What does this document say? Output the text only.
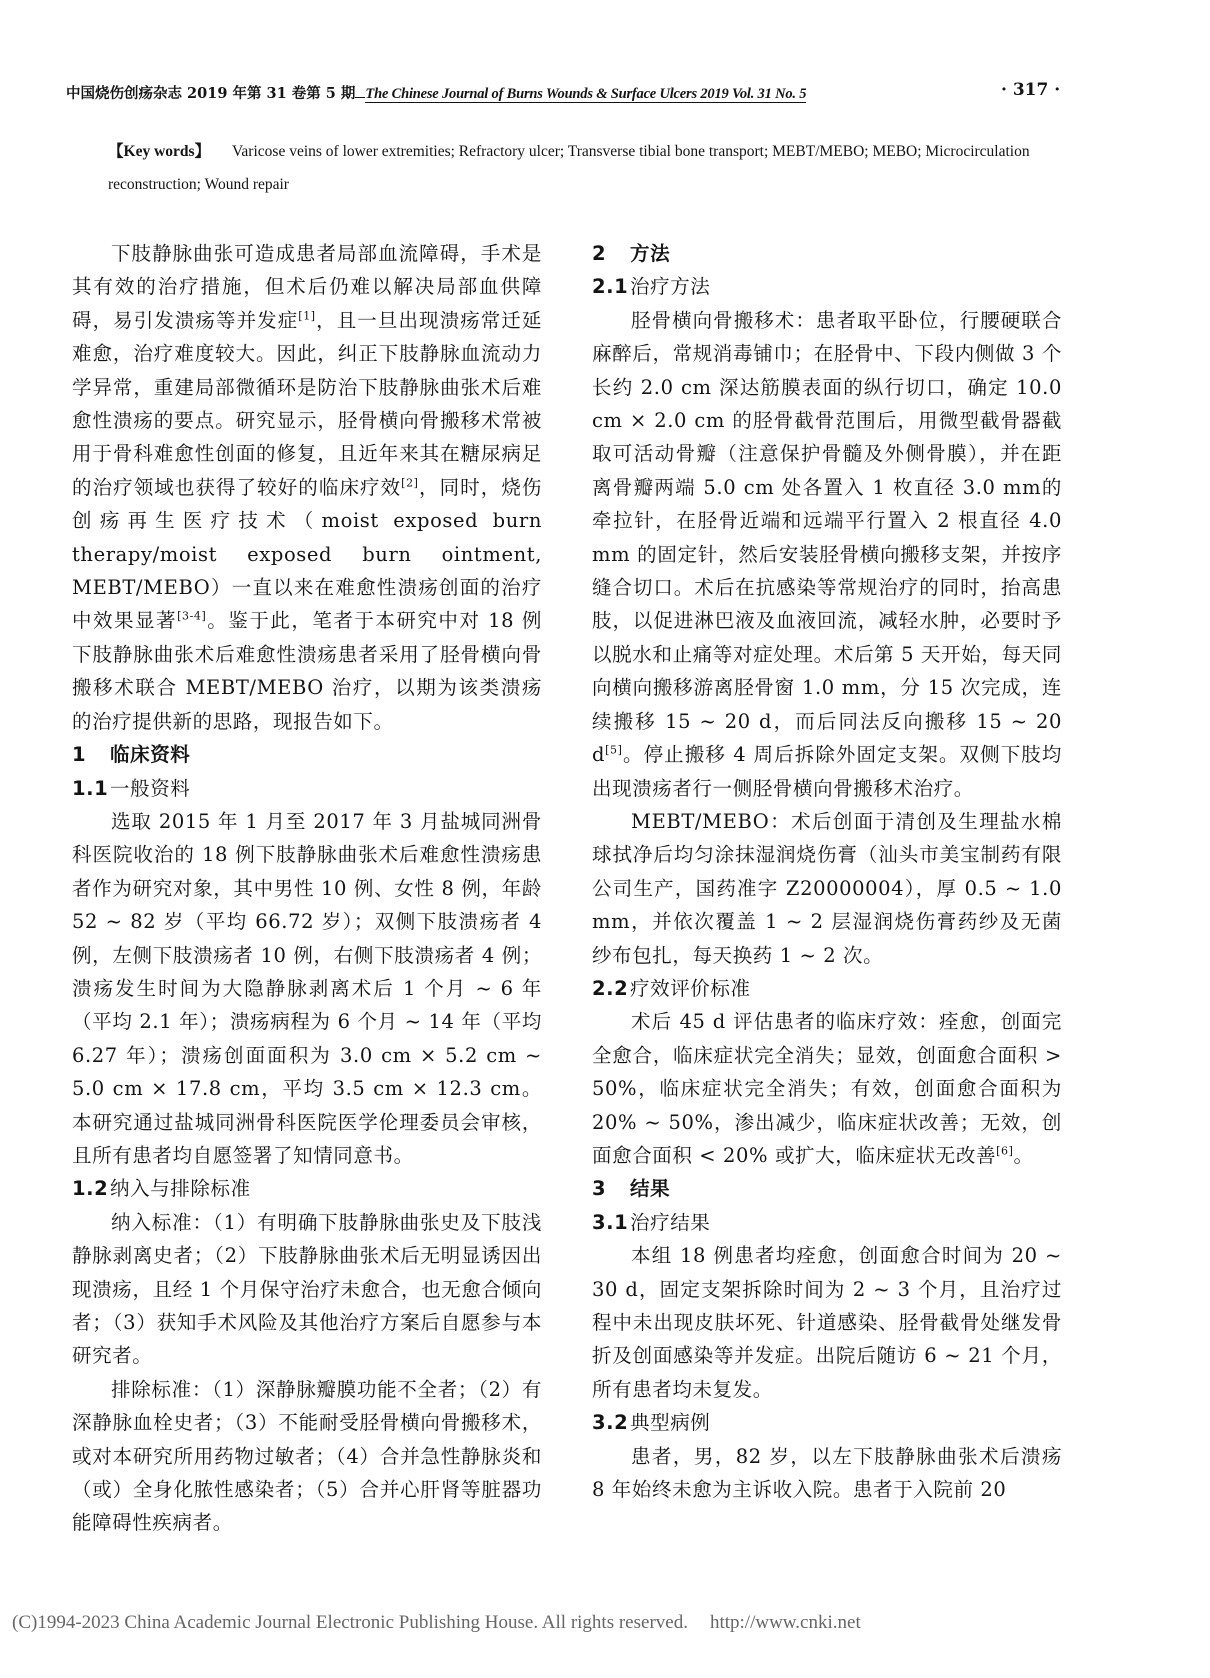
中国烧伤创疡杂志 2019 年第 31 卷第 5 期 The Chinese Journal of Burns Wounds & Surface Ulcers 2019 Vol. 31 No. 5	· 317 ·
【Key words】 Varicose veins of lower extremities; Refractory ulcer; Transverse tibial bone transport; MEBT/MEBO; MEBO; Microcirculation reconstruction; Wound repair

下肢静脉曲张可造成患者局部血流障碍，手术是其有效的治疗措施，但术后仍难以解决局部血供障碍，易引发溃疡等并发症[1]，且一旦出现溃疡常迁延难愈，治疗难度较大。因此，纠正下肢静脉血流动力学异常，重建局部微循环是防治下肢静脉曲张术后难愈性溃疡的要点。研究显示，胫骨横向骨搬移术常被用于骨科难愈性创面的修复，且近年来其在糖尿病足的治疗领域也获得了较好的临床疗效[2]，同时，烧伤创疡再生医疗技术（moist exposed burn therapy/moist exposed burn ointment, MEBT/MEBO）一直以来在难愈性溃疡创面的治疗中效果显著[3-4]。鉴于此，笔者于本研究中对 18 例下肢静脉曲张术后难愈性溃疡患者采用了胫骨横向骨搬移术联合 MEBT/MEBO 治疗，以期为该类溃疡的治疗提供新的思路，现报告如下。

1 临床资料
1.1一般资料

选取 2015 年 1 月至 2017 年 3 月盐城同洲骨科医院收治的 18 例下肢静脉曲张术后难愈性溃疡患者作为研究对象，其中男性 10 例、女性 8 例，年龄 52 ~ 82 岁（平均 66.72 岁）；双侧下肢溃疡者 4 例，左侧下肢溃疡者 10 例，右侧下肢溃疡者 4 例；溃疡发生时间为大隐静脉剥离术后 1 个月 ~ 6 年（平均 2.1 年）；溃疡病程为 6 个月 ~ 14 年（平均 6.27 年）；溃疡创面面积为 3.0 cm × 5.2 cm ~ 5.0 cm × 17.8 cm，平均 3.5 cm × 12.3 cm。本研究通过盐城同洲骨科医院医学伦理委员会审核，且所有患者均自愿签署了知情同意书。

1.2纳入与排除标准

纳入标准：（1）有明确下肢静脉曲张史及下肢浅静脉剥离史者；（2）下肢静脉曲张术后无明显诱因出现溃疡，且经 1 个月保守治疗未愈合，也无愈合倾向者；（3）获知手术风险及其他治疗方案后自愿参与本研究者。

排除标准：（1）深静脉瓣膜功能不全者；（2）有深静脉血栓史者；（3）不能耐受胫骨横向骨搬移术，或对本研究所用药物过敏者；（4）合并急性静脉炎和（或）全身化脓性感染者；（5）合并心肝肾等脏器功能障碍性疾病者。

2 方法
2.1治疗方法

胫骨横向骨搬移术：患者取平卧位，行腰硬联合麻醉后，常规消毒铺巾；在胫骨中、下段内侧做 3 个长约 2.0 cm 深达筋膜表面的纵行切口，确定 10.0 cm × 2.0 cm 的胫骨截骨范围后，用微型截骨器截取可活动骨瓣（注意保护骨髓及外侧骨膜），并在距离骨瓣两端 5.0 cm 处各置入 1 枚直径 3.0 mm的牵拉针，在胫骨近端和远端平行置入 2 根直径 4.0 mm 的固定针，然后安装胫骨横向搬移支架，并按序缝合切口。术后在抗感染等常规治疗的同时，抬高患肢，以促进淋巴液及血液回流，减轻水肿，必要时予以脱水和止痛等对症处理。术后第 5 天开始，每天同向横向搬移游离胫骨窗 1.0 mm，分 15 次完成，连续搬移 15 ~ 20 d，而后同法反向搬移 15 ~ 20 d[5]。停止搬移 4 周后拆除外固定支架。双侧下肢均出现溃疡者行一侧胫骨横向骨搬移术治疗。

MEBT/MEBO：术后创面于清创及生理盐水棉球拭净后均匀涂抹湿润烧伤膏（汕头市美宝制药有限公司生产，国药准字 Z20000004），厚 0.5 ~ 1.0 mm，并依次覆盖 1 ~ 2 层湿润烧伤膏药纱及无菌纱布包扎，每天换药 1 ~ 2 次。

2.2疗效评价标准

术后 45 d 评估患者的临床疗效：痊愈，创面完全愈合，临床症状完全消失；显效，创面愈合面积 > 50%，临床症状完全消失；有效，创面愈合面积为 20% ~ 50%，渗出减少，临床症状改善；无效，创面愈合面积 < 20% 或扩大，临床症状无改善[6]。

3 结果
3.1治疗结果

本组 18 例患者均痊愈，创面愈合时间为 20 ~ 30 d，固定支架拆除时间为 2 ~ 3 个月，且治疗过程中未出现皮肤坏死、针道感染、胫骨截骨处继发骨折及创面感染等并发症。出院后随访 6 ~ 21 个月，所有患者均未复发。

3.2典型病例

患者，男，82 岁，以左下肢静脉曲张术后溃疡 8 年始终未愈为主诉收入院。患者于入院前 20

(C)1994-2023 China Academic Journal Electronic Publishing House. All rights reserved. http://www.cnki.net
